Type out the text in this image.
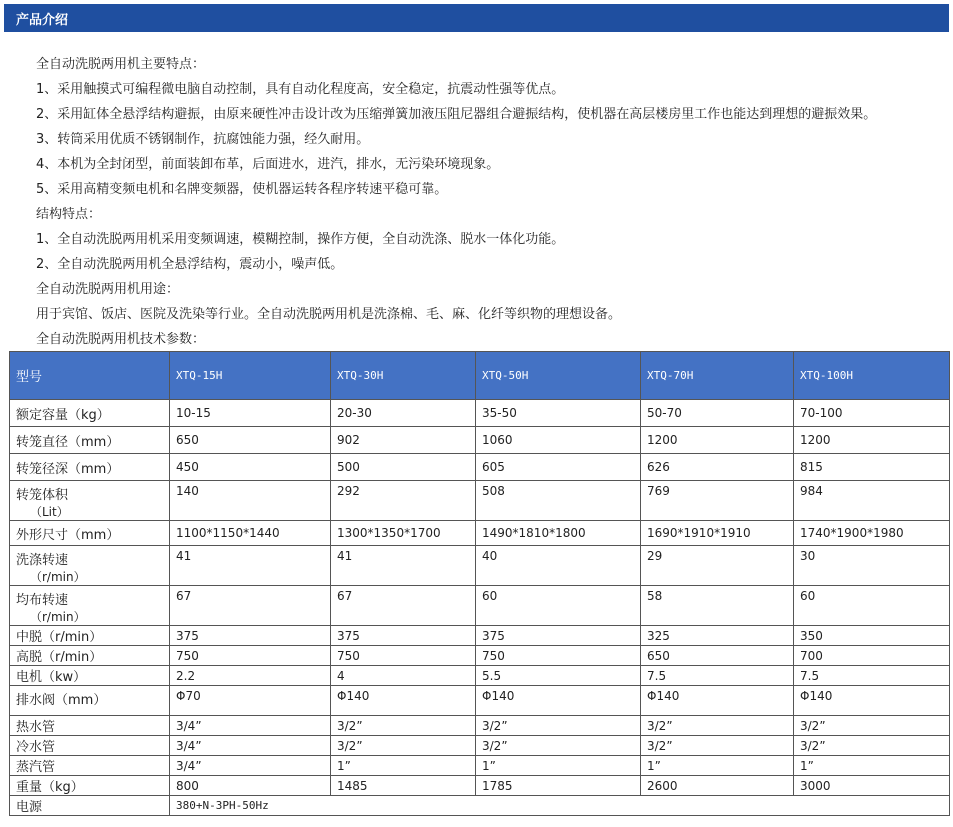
产品介绍
全自动洗脱两用机主要特点：
1、采用触摸式可编程微电脑自动控制，具有自动化程度高，安全稳定，抗震动性强等优点。
2、采用缸体全悬浮结构避振，由原来硬性冲击设计改为压缩弹簧加液压阻尼器组合避振结构，使机器在高层楼房里工作也能达到理想的避振效果。
3、转筒采用优质不锈钢制作，抗腐蚀能力强，经久耐用。
4、本机为全封闭型，前面装卸布革，后面进水，进汽，排水，无污染环境现象。
5、采用高精变频电机和名牌变频器，使机器运转各程序转速平稳可靠。
结构特点：
1、全自动洗脱两用机采用变频调速，模糊控制，操作方便，全自动洗涤、脱水一体化功能。
2、全自动洗脱两用机全悬浮结构，震动小，噪声低。
全自动洗脱两用机用途：
用于宾馆、饭店、医院及洗染等行业。全自动洗脱两用机是洗涤棉、毛、麻、化纤等织物的理想设备。
全自动洗脱两用机技术参数：
型号	XTQ-15H	XTQ-30H	XTQ-50H	XTQ-70H	XTQ-100H
额定容量（kg）	10-15	20-30	35-50	50-70	70-100
转笼直径（mm）	650	902	1060	1200	1200
转笼径深（mm）	450	500	605	626	815
转笼体积
（Lit）	140	292	508	769	984
外形尺寸（mm）	1100*1150*1440	1300*1350*1700	1490*1810*1800	1690*1910*1910	1740*1900*1980
洗涤转速
（r/min）	41	41	40	29	30
均布转速
（r/min）	67	67	60	58	60
中脱（r/min）	375	375	375	325	350
高脱（r/min）	750	750	750	650	700
电机（kw）	2.2	4	5.5	7.5	7.5
排水阀（mm）	Φ70	Φ140	Φ140	Φ140	Φ140
热水管	3/4”	3/2”	3/2”	3/2”	3/2”
冷水管	3/4”	3/2”	3/2”	3/2”	3/2”
蒸汽管	3/4”	1”	1”	1”	1”
重量（kg）	800	1485	1785	2600	3000
电源	380+N-3PH-50Hz				
